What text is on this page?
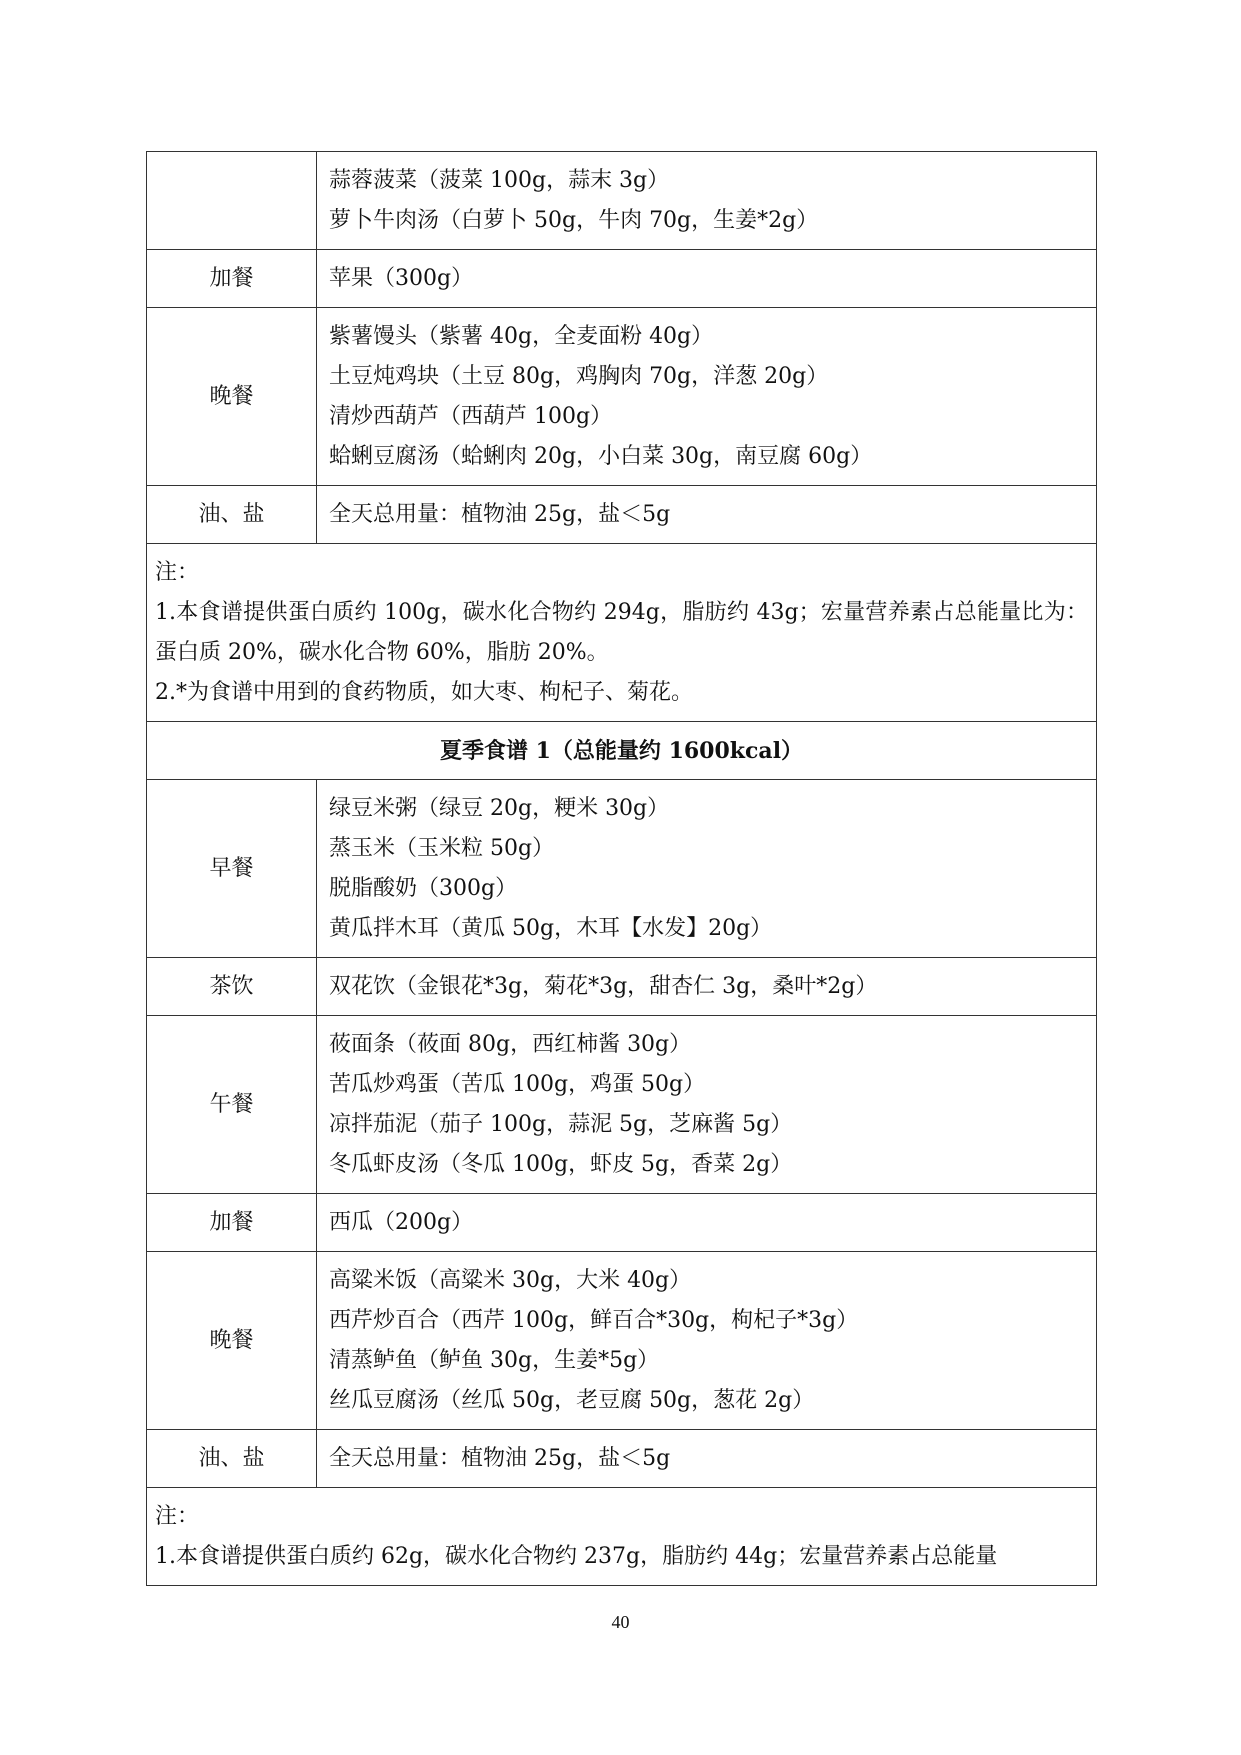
	蒜蓉菠菜（菠菜 100g，蒜末 3g）
萝卜牛肉汤（白萝卜 50g，牛肉 70g，生姜*2g）

加餐	苹果（300g）

晚餐	紫薯馒头（紫薯 40g，全麦面粉 40g）
土豆炖鸡块（土豆 80g，鸡胸肉 70g，洋葱 20g）
清炒西葫芦（西葫芦 100g）
蛤蜊豆腐汤（蛤蜊肉 20g，小白菜 30g，南豆腐 60g）

油、盐	全天总用量：植物油 25g，盐＜5g

注：
1.本食谱提供蛋白质约 100g，碳水化合物约 294g，脂肪约 43g；宏量营养素占总能量比为：蛋白质 20%，碳水化合物 60%，脂肪 20%。
2.*为食谱中用到的食药物质，如大枣、枸杞子、菊花。	

夏季食谱 1（总能量约 1600kcal）	
早餐	绿豆米粥（绿豆 20g，粳米 30g）
蒸玉米（玉米粒 50g）
脱脂酸奶（300g）
黄瓜拌木耳（黄瓜 50g，木耳【水发】20g）

茶饮	双花饮（金银花*3g，菊花*3g，甜杏仁 3g，桑叶*2g）

午餐	莜面条（莜面 80g，西红柿酱 30g）
苦瓜炒鸡蛋（苦瓜 100g，鸡蛋 50g）
凉拌茄泥（茄子 100g，蒜泥 5g，芝麻酱 5g）
冬瓜虾皮汤（冬瓜 100g，虾皮 5g，香菜 2g）

加餐	西瓜（200g）

晚餐	高粱米饭（高粱米 30g，大米 40g）
西芹炒百合（西芹 100g，鲜百合*30g，枸杞子*3g）
清蒸鲈鱼（鲈鱼 30g，生姜*5g）
丝瓜豆腐汤（丝瓜 50g，老豆腐 50g，葱花 2g）

油、盐	全天总用量：植物油 25g，盐＜5g

注：
1.本食谱提供蛋白质约 62g，碳水化合物约 237g，脂肪约 44g；宏量营养素占总能量	
40
